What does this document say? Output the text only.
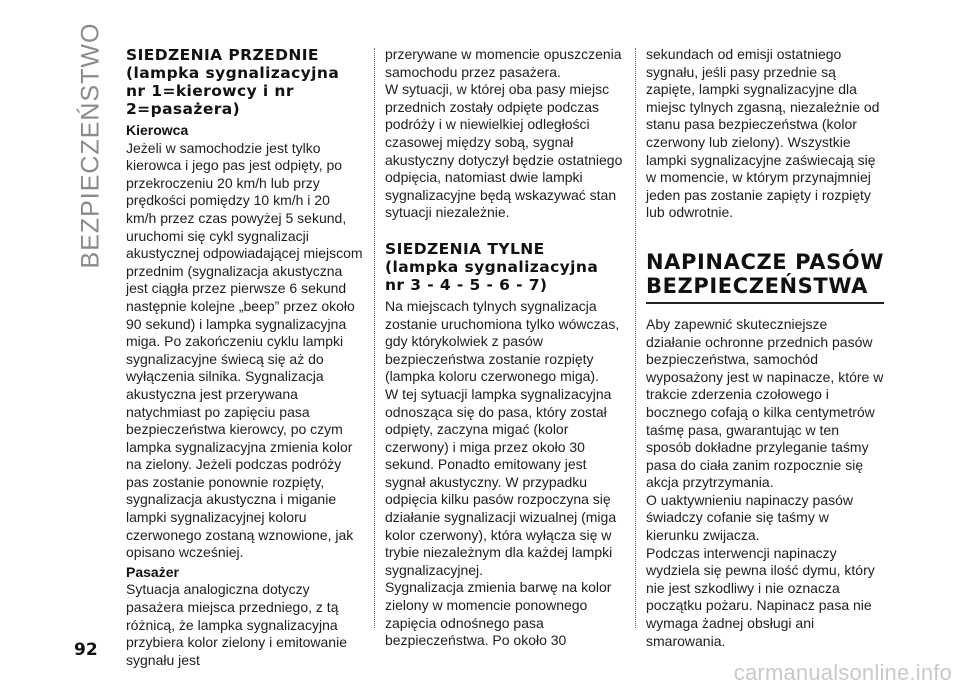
BEZPIECZEŃSTWO SIEDZENIA PRZEDNIE (lampka sygnalizacyjna nr 1=kierowcy i nr 2=pasażera)
Kierowca

Jeżeli w samochodzie jest tylko kierowca i jego pas jest odpięty, po przekroczeniu 20 km/h lub przy prędkości pomiędzy 10 km/h i 20 km/h przez czas powyżej 5 sekund, uruchomi się cykl sygnalizacji akustycznej odpowiadającej miejscom przednim (sygnalizacja akustyczna jest ciągła przez pierwsze 6 sekund następnie kolejne „beep” przez około 90 sekund) i lampka sygnalizacyjna miga. Po zakończeniu cyklu lampki sygnalizacyjne świecą się aż do wyłączenia silnika. Sygnalizacja akustyczna jest przerywana natychmiast po zapięciu pasa bezpieczeństwa kierowcy, po czym lampka sygnalizacyjna zmienia kolor na zielony. Jeżeli podczas podróży pas zostanie ponownie rozpięty, sygnalizacja akustyczna i miganie lampki sygnalizacyjnej koloru czerwonego zostaną wznowione, jak opisano wcześniej.

Pasażer

Sytuacja analogiczna dotyczy pasażera miejsca przedniego, z tą różnicą, że lampka sygnalizacyjna przybiera kolor zielony i emitowanie sygnału jest

przerywane w momencie opuszczenia samochodu przez pasażera.

W sytuacji, w której oba pasy miejsc przednich zostały odpięte podczas podróży i w niewielkiej odległości czasowej między sobą, sygnał akustyczny dotyczył będzie ostatniego odpięcia, natomiast dwie lampki sygnalizacyjne będą wskazywać stan sytuacji niezależnie.

SIEDZENIA TYLNE (lampka sygnalizacyjna nr 3 - 4 - 5 - 6 - 7)

Na miejscach tylnych sygnalizacja zostanie uruchomiona tylko wówczas, gdy którykolwiek z pasów bezpieczeństwa zostanie rozpięty (lampka koloru czerwonego miga).

W tej sytuacji lampka sygnalizacyjna odnosząca się do pasa, który został odpięty, zaczyna migać (kolor czerwony) i miga przez około 30 sekund. Ponadto emitowany jest sygnał akustyczny. W przypadku odpięcia kilku pasów rozpoczyna się działanie sygnalizacji wizualnej (miga kolor czerwony), która wyłącza się w trybie niezależnym dla każdej lampki sygnalizacyjnej.

Sygnalizacja zmienia barwę na kolor zielony w momencie ponownego zapięcia odnośnego pasa bezpieczeństwa. Po około 30

sekundach od emisji ostatniego sygnału, jeśli pasy przednie są zapięte, lampki sygnalizacyjne dla miejsc tylnych zgasną, niezależnie od stanu pasa bezpieczeństwa (kolor czerwony lub zielony). Wszystkie lampki sygnalizacyjne zaświecają się w momencie, w którym przynajmniej jeden pas zostanie zapięty i rozpięty lub odwrotnie.

NAPINACZE PASÓW BEZPIECZEŃSTWA

Aby zapewnić skuteczniejsze działanie ochronne przednich pasów bezpieczeństwa, samochód wyposażony jest w napinacze, które w trakcie zderzenia czołowego i bocznego cofają o kilka centymetrów taśmę pasa, gwarantując w ten sposób dokładne przyleganie taśmy pasa do ciała zanim rozpocznie się akcja przytrzymania.

O uaktywnieniu napinaczy pasów świadczy cofanie się taśmy w kierunku zwijacza.

Podczas interwencji napinaczy wydziela się pewna ilość dymu, który nie jest szkodliwy i nie oznacza początku pożaru. Napinacz pasa nie wymaga żadnej obsługi ani smarowania.

92
carmanualsonline.info
